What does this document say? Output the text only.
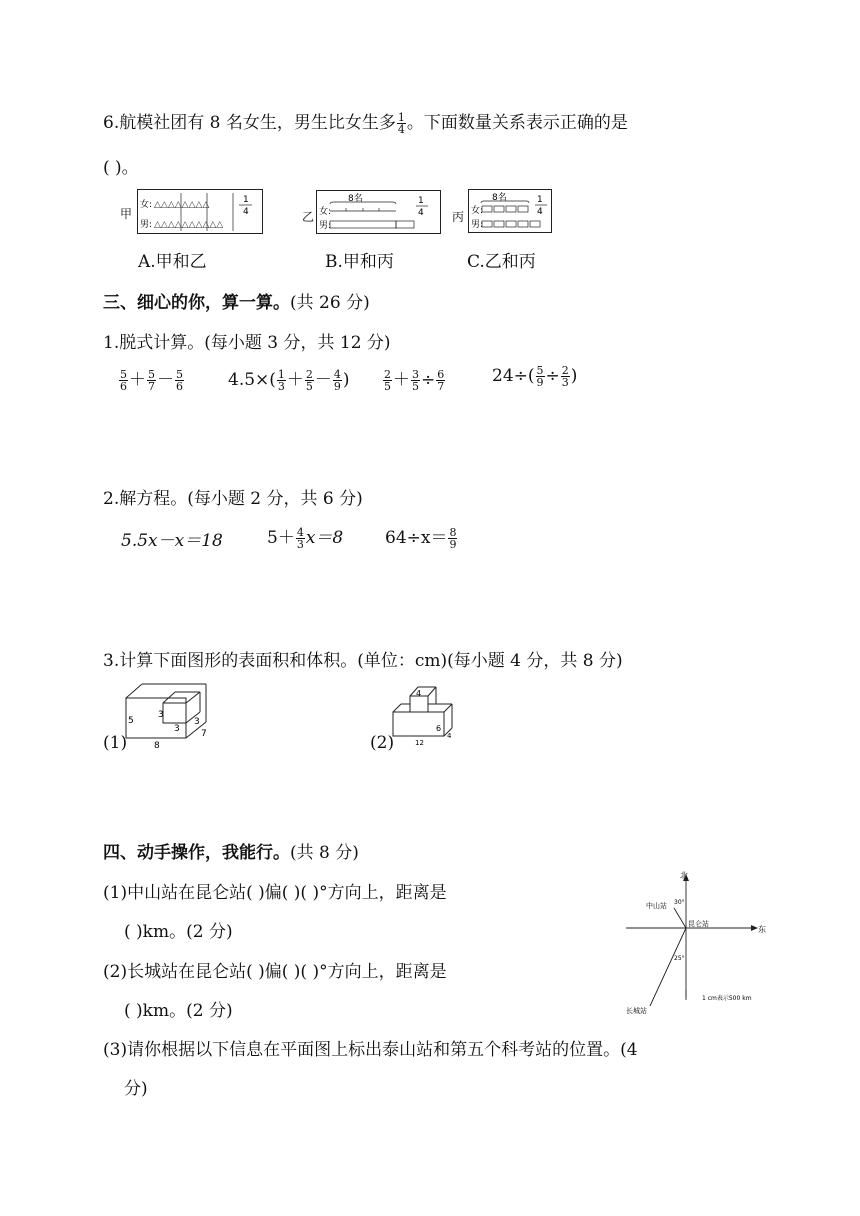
6.航模社团有 8 名女生，男生比女生多 $\frac{1}{4}$ 。下面数量关系表示正确的是
( )。
甲
女:
男:
△△△△△△△△
△△△△△△△△△△
1
4	乙
8名
女:
男:
1
4 丙
8名
女:
男:
1
4
A.甲和乙	B.甲和丙	C.乙和丙
三、细心的你，算一算。(共 26 分)
1.脱式计算。(每小题 3 分，共 12 分)
$\frac{5}{6} + \frac{5}{7} - \frac{5}{6}$	$4.5\times( \frac{1}{3} + \frac{2}{5} - \frac{4}{9}$ )	$\frac{2}{5} + \frac{3}{5} \div \frac{6}{7}$	$24\div( \frac{5}{9} \div \frac{2}{3}$ )
2.解方程。(每小题 2 分，共 6 分)
5.5x－x＝18	$5+ \frac{4}{3} x=8$ $64\div x= \frac{8}{9}$
3.计算下面图形的表面积和体积。(单位：cm)(每小题 4 分，共 8 分)
(1)
5
8
7
3
3
3
(2)
4
6
12
4
四、动手操作，我能行。(共 8 分)
(1)中山站在昆仑站( )偏( )( )°方向上，距离是
( )km。(2 分)
(2)长城站在昆仑站( )偏( )( )°方向上，距离是
( )km。(2 分)
(3)请你根据以下信息在平面图上标出泰山站和第五个科考站的位置。(4
分)
北
东
中山站
昆仑站
长城站
30°
25°
1 cm表示500 km
